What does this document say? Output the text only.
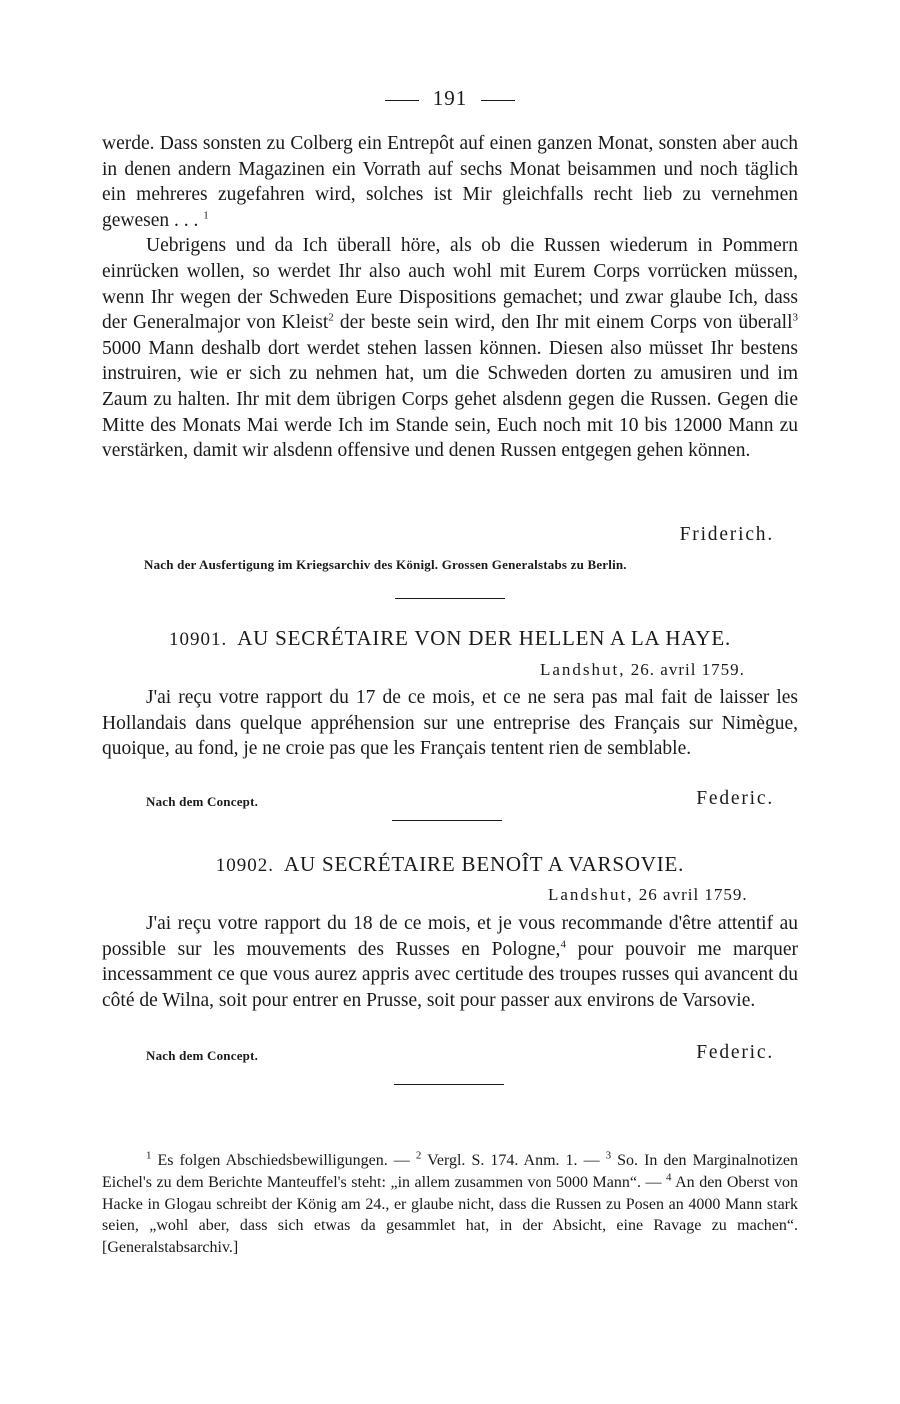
191

werde. Dass sonsten zu Colberg ein Entrepôt auf einen ganzen Monat, sonsten aber auch in denen andern Magazinen ein Vorrath auf sechs Monat beisammen und noch täglich ein mehreres zugefahren wird, solches ist Mir gleichfalls recht lieb zu vernehmen gewesen . . . $^1$

Uebrigens und da Ich überall höre, als ob die Russen wiederum in Pommern einrücken wollen, so werdet Ihr also auch wohl mit Eurem Corps vorrücken müssen, wenn Ihr wegen der Schweden Eure Dispositions gemachet; und zwar glaube Ich, dass der Generalmajor von Kleist$^2$ der beste sein wird, den Ihr mit einem Corps von überall$^3$ 5000 Mann deshalb dort werdet stehen lassen können. Diesen also müsset Ihr bestens instruiren, wie er sich zu nehmen hat, um die Schweden dorten zu amusiren und im Zaum zu halten. Ihr mit dem übrigen Corps gehet alsdenn gegen die Russen. Gegen die Mitte des Monats Mai werde Ich im Stande sein, Euch noch mit 10 bis 12000 Mann zu verstärken, damit wir alsdenn offensive und denen Russen entgegen gehen können.

Friderich.
Nach der Ausfertigung im Kriegsarchiv des Königl. Grossen Generalstabs zu Berlin.
10901. AU SECRÉTAIRE VON DER HELLEN A LA HAYE.
Landshut, 26. avril 1759.

J'ai reçu votre rapport du 17 de ce mois, et ce ne sera pas mal fait de laisser les Hollandais dans quelque appréhension sur une entreprise des Français sur Nimègue, quoique, au fond, je ne croie pas que les Français tentent rien de semblable.

Nach dem Concept.	Federic.
10902. AU SECRÉTAIRE BENOÎT A VARSOVIE.
Landshut, 26 avril 1759.

J'ai reçu votre rapport du 18 de ce mois, et je vous recommande d'être attentif au possible sur les mouvements des Russes en Pologne,$^4$ pour pouvoir me marquer incessamment ce que vous aurez appris avec certitude des troupes russes qui avancent du côté de Wilna, soit pour entrer en Prusse, soit pour passer aux environs de Varsovie.

Nach dem Concept.	Federic.

$^1$ Es folgen Abschiedsbewilligungen. — $^2$ Vergl. S. 174. Anm. 1. — $^3$ So. In den Marginalnotizen Eichel's zu dem Berichte Manteuffel's steht: „in allem zusammen von 5000 Mann“. — $^4$ An den Oberst von Hacke in Glogau schreibt der König am 24., er glaube nicht, dass die Russen zu Posen an 4000 Mann stark seien, „wohl aber, dass sich etwas da gesammlet hat, in der Absicht, eine Ravage zu machen“. [Generalstabsarchiv.]
